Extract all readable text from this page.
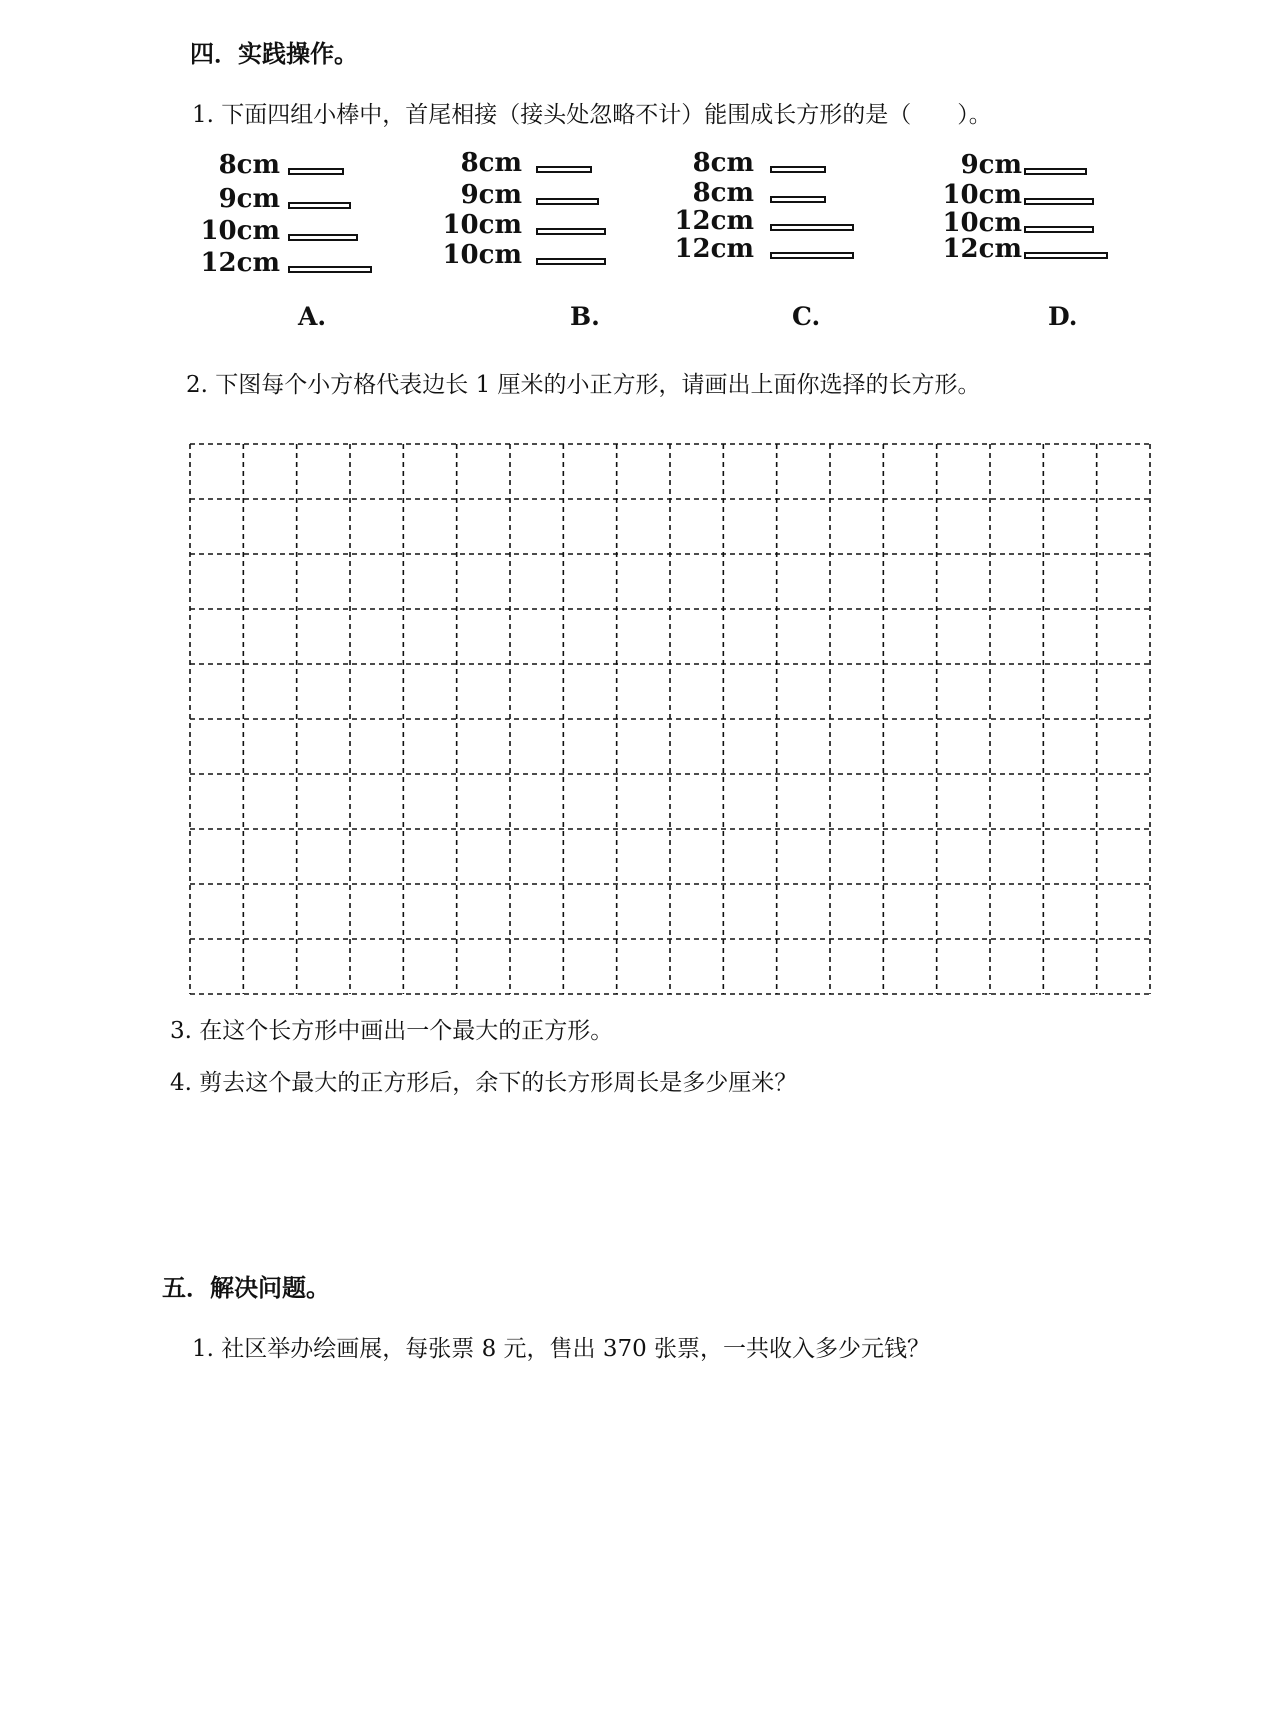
四．实践操作。
1. 下面四组小棒中，首尾相接（接头处忽略不计）能围成长方形的是（　　）。
8cm
9cm
10cm
12cm
8cm
9cm
10cm
10cm
8cm
8cm
12cm
12cm
9cm
10cm
10cm
12cm
A.	B.	C.	D.
2. 下图每个小方格代表边长 1 厘米的小正方形，请画出上面你选择的长方形。
3. 在这个长方形中画出一个最大的正方形。
4. 剪去这个最大的正方形后，余下的长方形周长是多少厘米？
五．解决问题。
1. 社区举办绘画展，每张票 8 元，售出 370 张票，一共收入多少元钱？
